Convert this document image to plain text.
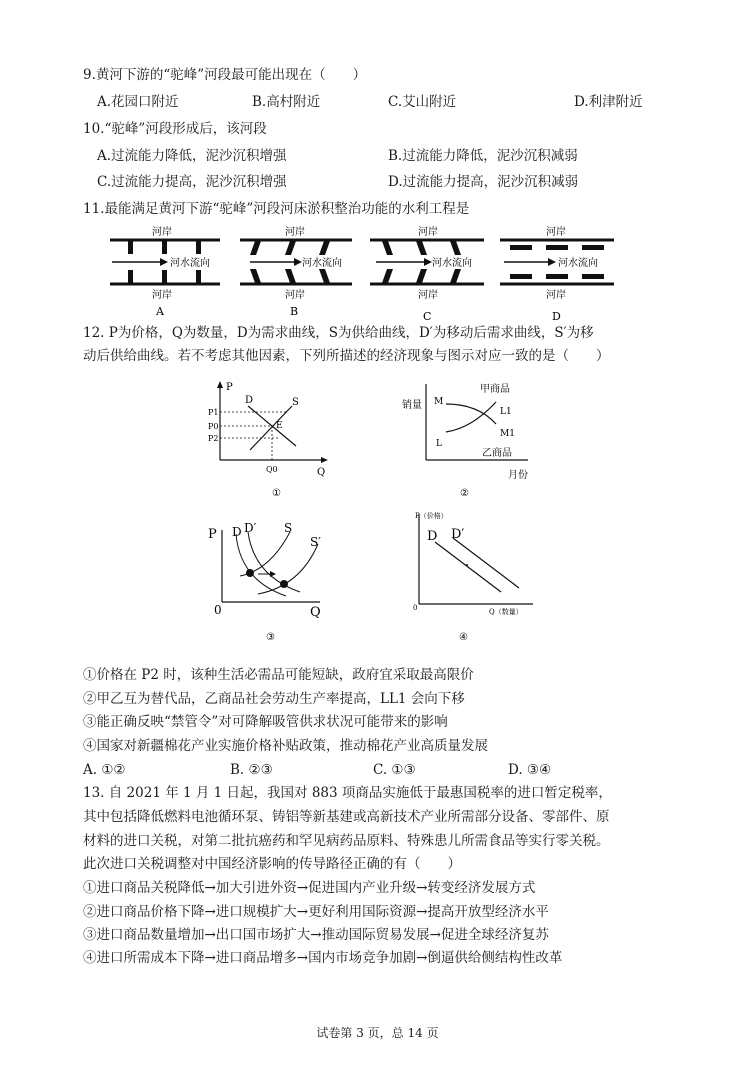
9.黄河下游的“驼峰”河段最可能出现在（　　）
A.花园口附近	B.高村附近	C.艾山附近	D.利津附近
10.“驼峰”河段形成后，该河段
A.过流能力降低，泥沙沉积增强	B.过流能力降低，泥沙沉积减弱
C.过流能力提高，泥沙沉积增强	D.过流能力提高，泥沙沉积减弱
11.最能满足黄河下游“驼峰”河段河床淤积整治功能的水利工程是
河岸
河水流向
河岸
A
河岸
河水流向
河岸
B
河岸
河水流向
河岸
C
河岸
河水流向
河岸
D
12. P为价格，Q为数量，D为需求曲线，S为供给曲线，D′为移动后需求曲线，S′为移
动后供给曲线。若不考虑其他因素，下列所描述的经济现象与图示对应一致的是（　　）
P
Q
D	S
E
P1
P0
P2
Q0
①
销量
月份
甲商品
乙商品
M
L1
M1
L
②
P
Q
0
D D′ S
S′
③
P（价格）
Q（数量）
0
D D′
④
①价格在 P2 时，该种生活必需品可能短缺，政府宜采取最高限价
②甲乙互为替代品，乙商品社会劳动生产率提高，LL1 会向下移
③能正确反映“禁管令”对可降解吸管供求状况可能带来的影响
④国家对新疆棉花产业实施价格补贴政策，推动棉花产业高质量发展
A. ①②	B. ②③	C. ①③	D. ③④
13. 自 2021 年 1 月 1 日起，我国对 883 项商品实施低于最惠国税率的进口暂定税率，
其中包括降低燃料电池循环泵、铸铝等新基建或高新技术产业所需部分设备、零部件、原
材料的进口关税，对第二批抗癌药和罕见病药品原料、特殊患儿所需食品等实行零关税。
此次进口关税调整对中国经济影响的传导路径正确的有（　　）
①进口商品关税降低→加大引进外资→促进国内产业升级→转变经济发展方式
②进口商品价格下降→进口规模扩大→更好利用国际资源→提高开放型经济水平
③进口商品数量增加→出口国市场扩大→推动国际贸易发展→促进全球经济复苏
④进口所需成本下降→进口商品增多→国内市场竞争加剧→倒逼供给侧结构性改革
试卷第 3 页，总 14 页
